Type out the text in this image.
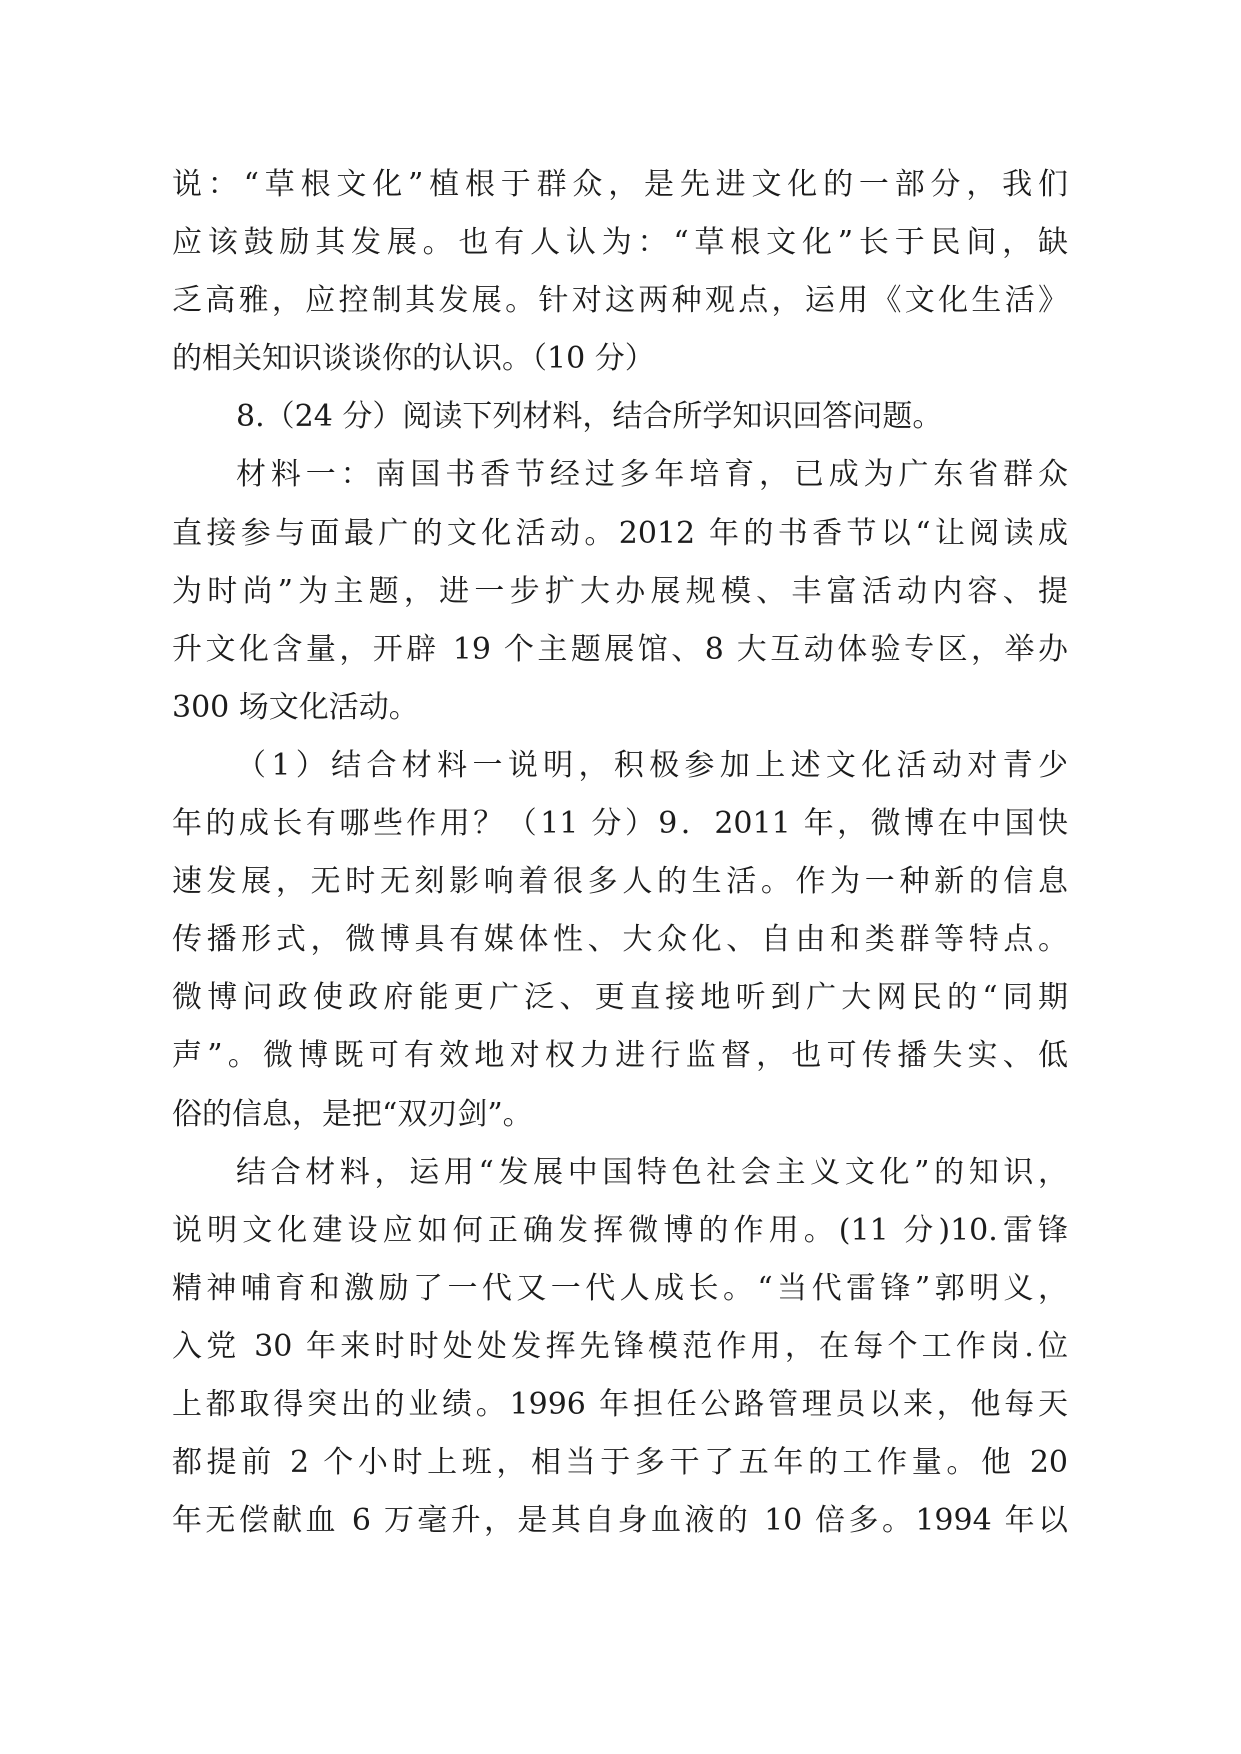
说：“草根文化”植根于群众，是先进文化的一部分，我们
应该鼓励其发展。也有人认为：“草根文化”长于民间，缺
乏高雅，应控制其发展。针对这两种观点，运用《文化生活》
的相关知识谈谈你的认识。（10 分）
8.（24 分）阅读下列材料，结合所学知识回答问题。
材料一：南国书香节经过多年培育，已成为广东省群众
直接参与面最广的文化活动。2012 年的书香节以“让阅读成
为时尚”为主题，进一步扩大办展规模、丰富活动内容、提
升文化含量，开辟 19 个主题展馆、8 大互动体验专区，举办
300 场文化活动。
（1）结合材料一说明，积极参加上述文化活动对青少
年的成长有哪些作用？（11 分）9．2011 年，微博在中国快
速发展，无时无刻影响着很多人的生活。作为一种新的信息
传播形式，微博具有媒体性、大众化、自由和类群等特点。
微博问政使政府能更广泛、更直接地听到广大网民的“同期
声”。微博既可有效地对权力进行监督，也可传播失实、低
俗的信息，是把“双刃剑”。
结合材料，运用“发展中国特色社会主义文化”的知识，
说明文化建设应如何正确发挥微博的作用。(11 分)10.雷锋
精神哺育和激励了一代又一代人成长。“当代雷锋”郭明义，
入党 30 年来时时处处发挥先锋模范作用，在每个工作岗.位
上都取得突出的业绩。1996 年担任公路管理员以来，他每天
都提前 2 个小时上班，相当于多干了五年的工作量。他 20
年无偿献血 6 万毫升，是其自身血液的 10 倍多。1994 年以
